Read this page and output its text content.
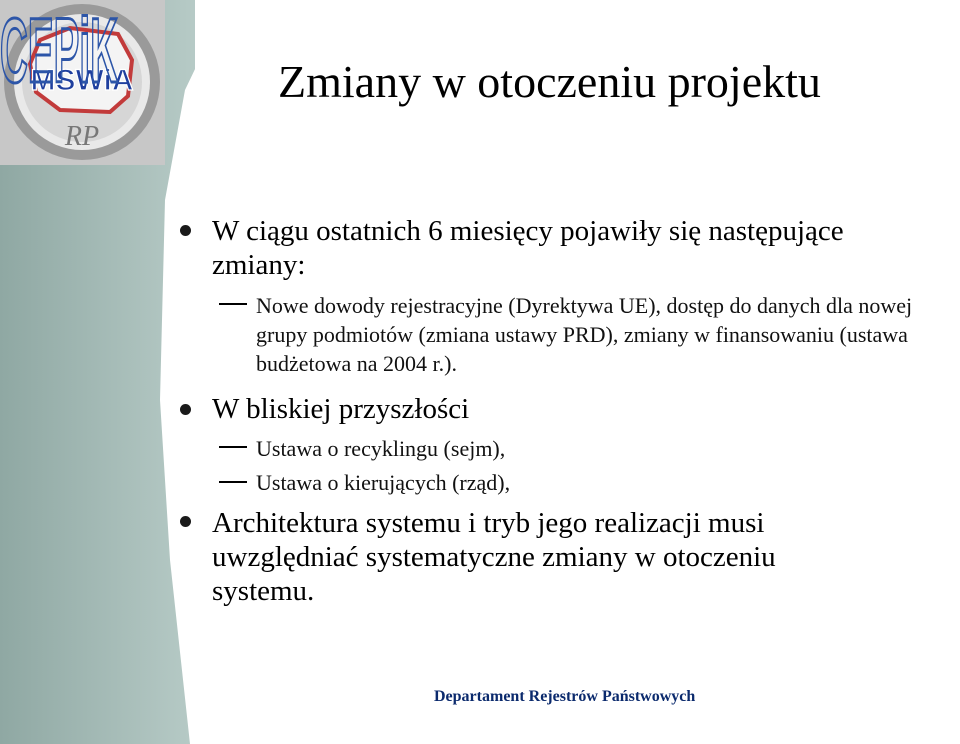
MSWiA
RP
CEPiK	Zmiany w otoczeniu projektu
W ciągu ostatnich 6 miesięcy pojawiły się następujące zmiany:
Nowe dowody rejestracyjne (Dyrektywa UE), dostęp do danych dla nowej grupy podmiotów (zmiana ustawy PRD), zmiany w finansowaniu (ustawa budżetowa na 2004 r.).
W bliskiej przyszłości
Ustawa o recyklingu (sejm),
Ustawa o kierujących (rząd),
Architektura systemu i tryb jego realizacji musi uwzględniać systematyczne zmiany w otoczeniu systemu.
Departament Rejestrów Państwowych
